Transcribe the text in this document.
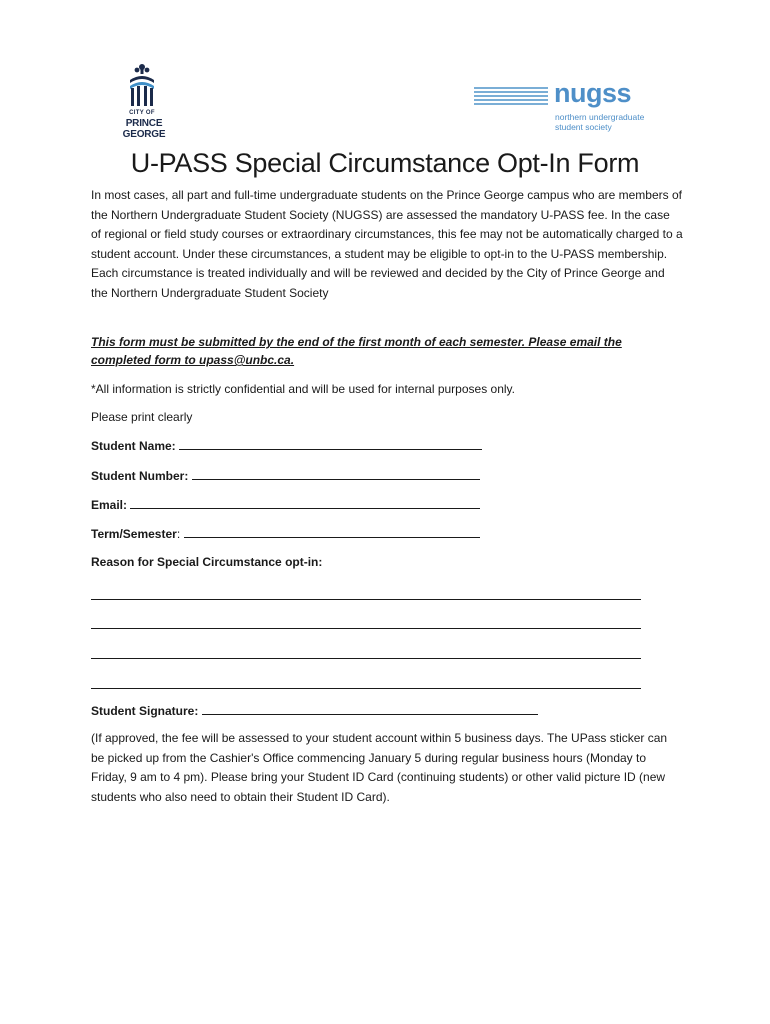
CITY OF
PRINCE GEORGE
nugss
northern undergraduate
student society
U-PASS Special Circumstance Opt-In Form
In most cases, all part and full-time undergraduate students on the Prince George campus who are members of the Northern Undergraduate Student Society (NUGSS) are assessed the mandatory U-PASS fee. In the case of regional or field study courses or extraordinary circumstances, this fee may not be automatically charged to a student account. Under these circumstances, a student may be eligible to opt-in to the U-PASS membership. Each circumstance is treated individually and will be reviewed and decided by the City of Prince George and the Northern Undergraduate Student Society
This form must be submitted by the end of the first month of each semester. Please email the completed form to upass@unbc.ca.
*All information is strictly confidential and will be used for internal purposes only.
Please print clearly
Student Name:
Student Number:
Email:
Term/Semester:
Reason for Special Circumstance opt-in:
Student Signature:
(If approved, the fee will be assessed to your student account within 5 business days. The UPass sticker can be picked up from the Cashier's Office commencing January 5 during regular business hours (Monday to Friday, 9 am to 4 pm). Please bring your Student ID Card (continuing students) or other valid picture ID (new students who also need to obtain their Student ID Card).
